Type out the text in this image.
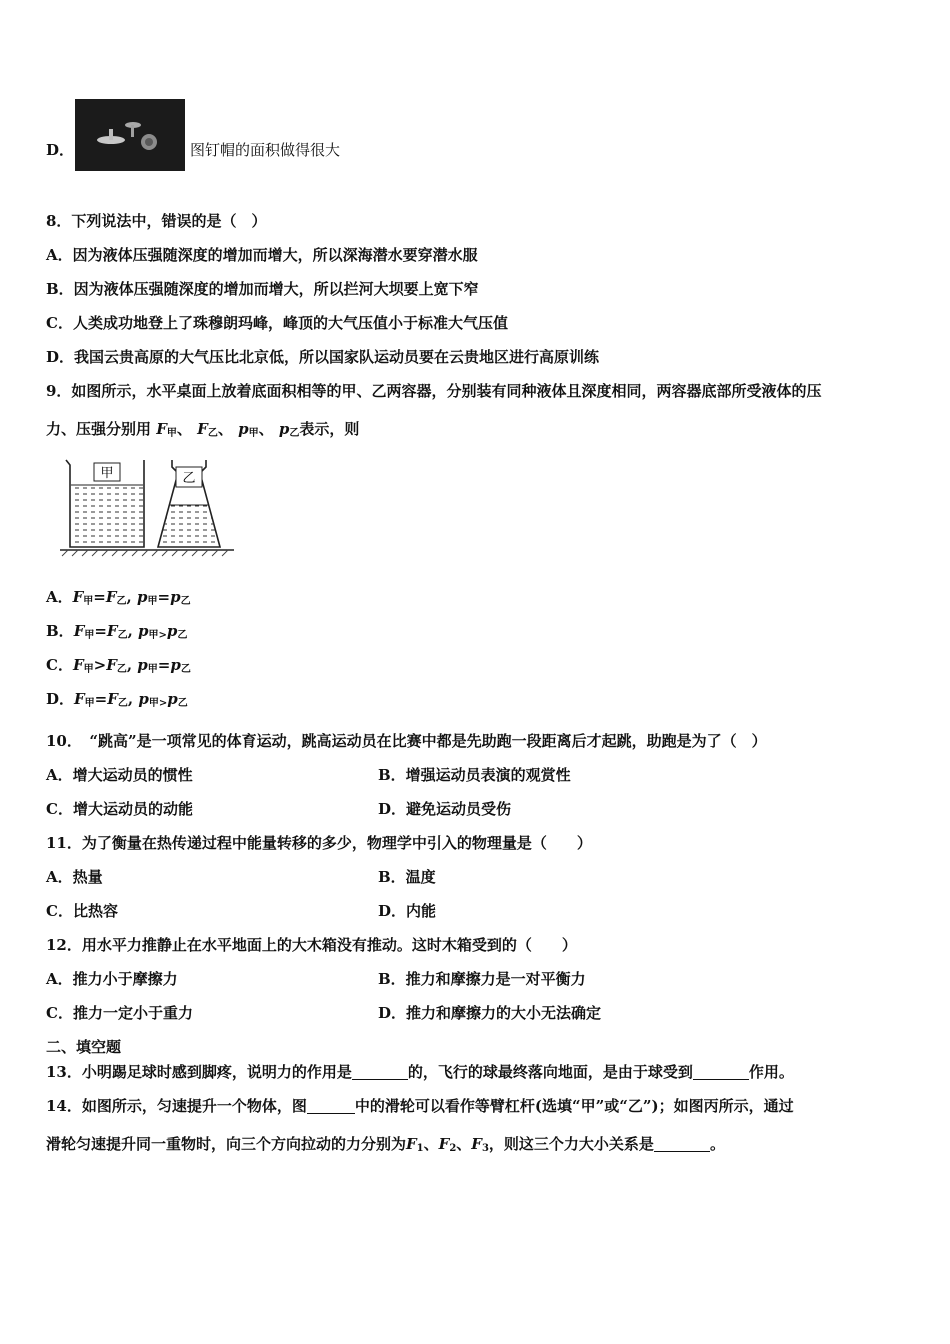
D．	图钉帽的面积做得很大
8．下列说法中，错误的是（　）
A．因为液体压强随深度的增加而增大，所以深海潜水要穿潜水服
B．因为液体压强随深度的增加而增大，所以拦河大坝要上宽下窄
C．人类成功地登上了珠穆朗玛峰，峰顶的大气压值小于标准大气压值
D．我国云贵高原的大气压比北京低，所以国家队运动员要在云贵地区进行高原训练
9．如图所示，水平桌面上放着底面积相等的甲、乙两容器，分别装有同种液体且深度相同，两容器底部所受液体的压
力、压强分别用 $F_甲$、 $F_乙$、 $p_甲$、 $p_乙$表示，则
甲	乙
A．$F_甲=F_乙$, $p_甲=p_乙$
B．$F_甲=F_乙$, $p_{甲>}p_乙$
C．$F_甲>F_乙$, $p_甲=p_乙$
D．$F_甲=F_乙$, $p_{甲>}p_乙$
10．　“跳高”是一项常见的体育运动，跳高运动员在比赛中都是先助跑一段距离后才起跳，助跑是为了（　）
A．增大运动员的惯性	B．增强运动员表演的观赏性
C．增大运动员的动能	D．避免运动员受伤
11．为了衡量在热传递过程中能量转移的多少，物理学中引入的物理量是（　　）
A．热量	B．温度
C．比热容	D．内能
12．用水平力推静止在水平地面上的大木箱没有推动。这时木箱受到的（　　）
A．推力小于摩擦力	B．推力和摩擦力是一对平衡力
C．推力一定小于重力	D．推力和摩擦力的大小无法确定
二、填空题
13．小明踢足球时感到脚疼，说明力的作用是	的，飞行的球最终落向地面，是由于球受到	作用。
14．如图所示，匀速提升一个物体，图	中的滑轮可以看作等臂杠杆(选填“甲”或“乙”)；如图丙所示，通过
滑轮匀速提升同一重物时，向三个方向拉动的力分别为$F_1$、$F_2$、$F_3$，则这三个力大小关系是	。
